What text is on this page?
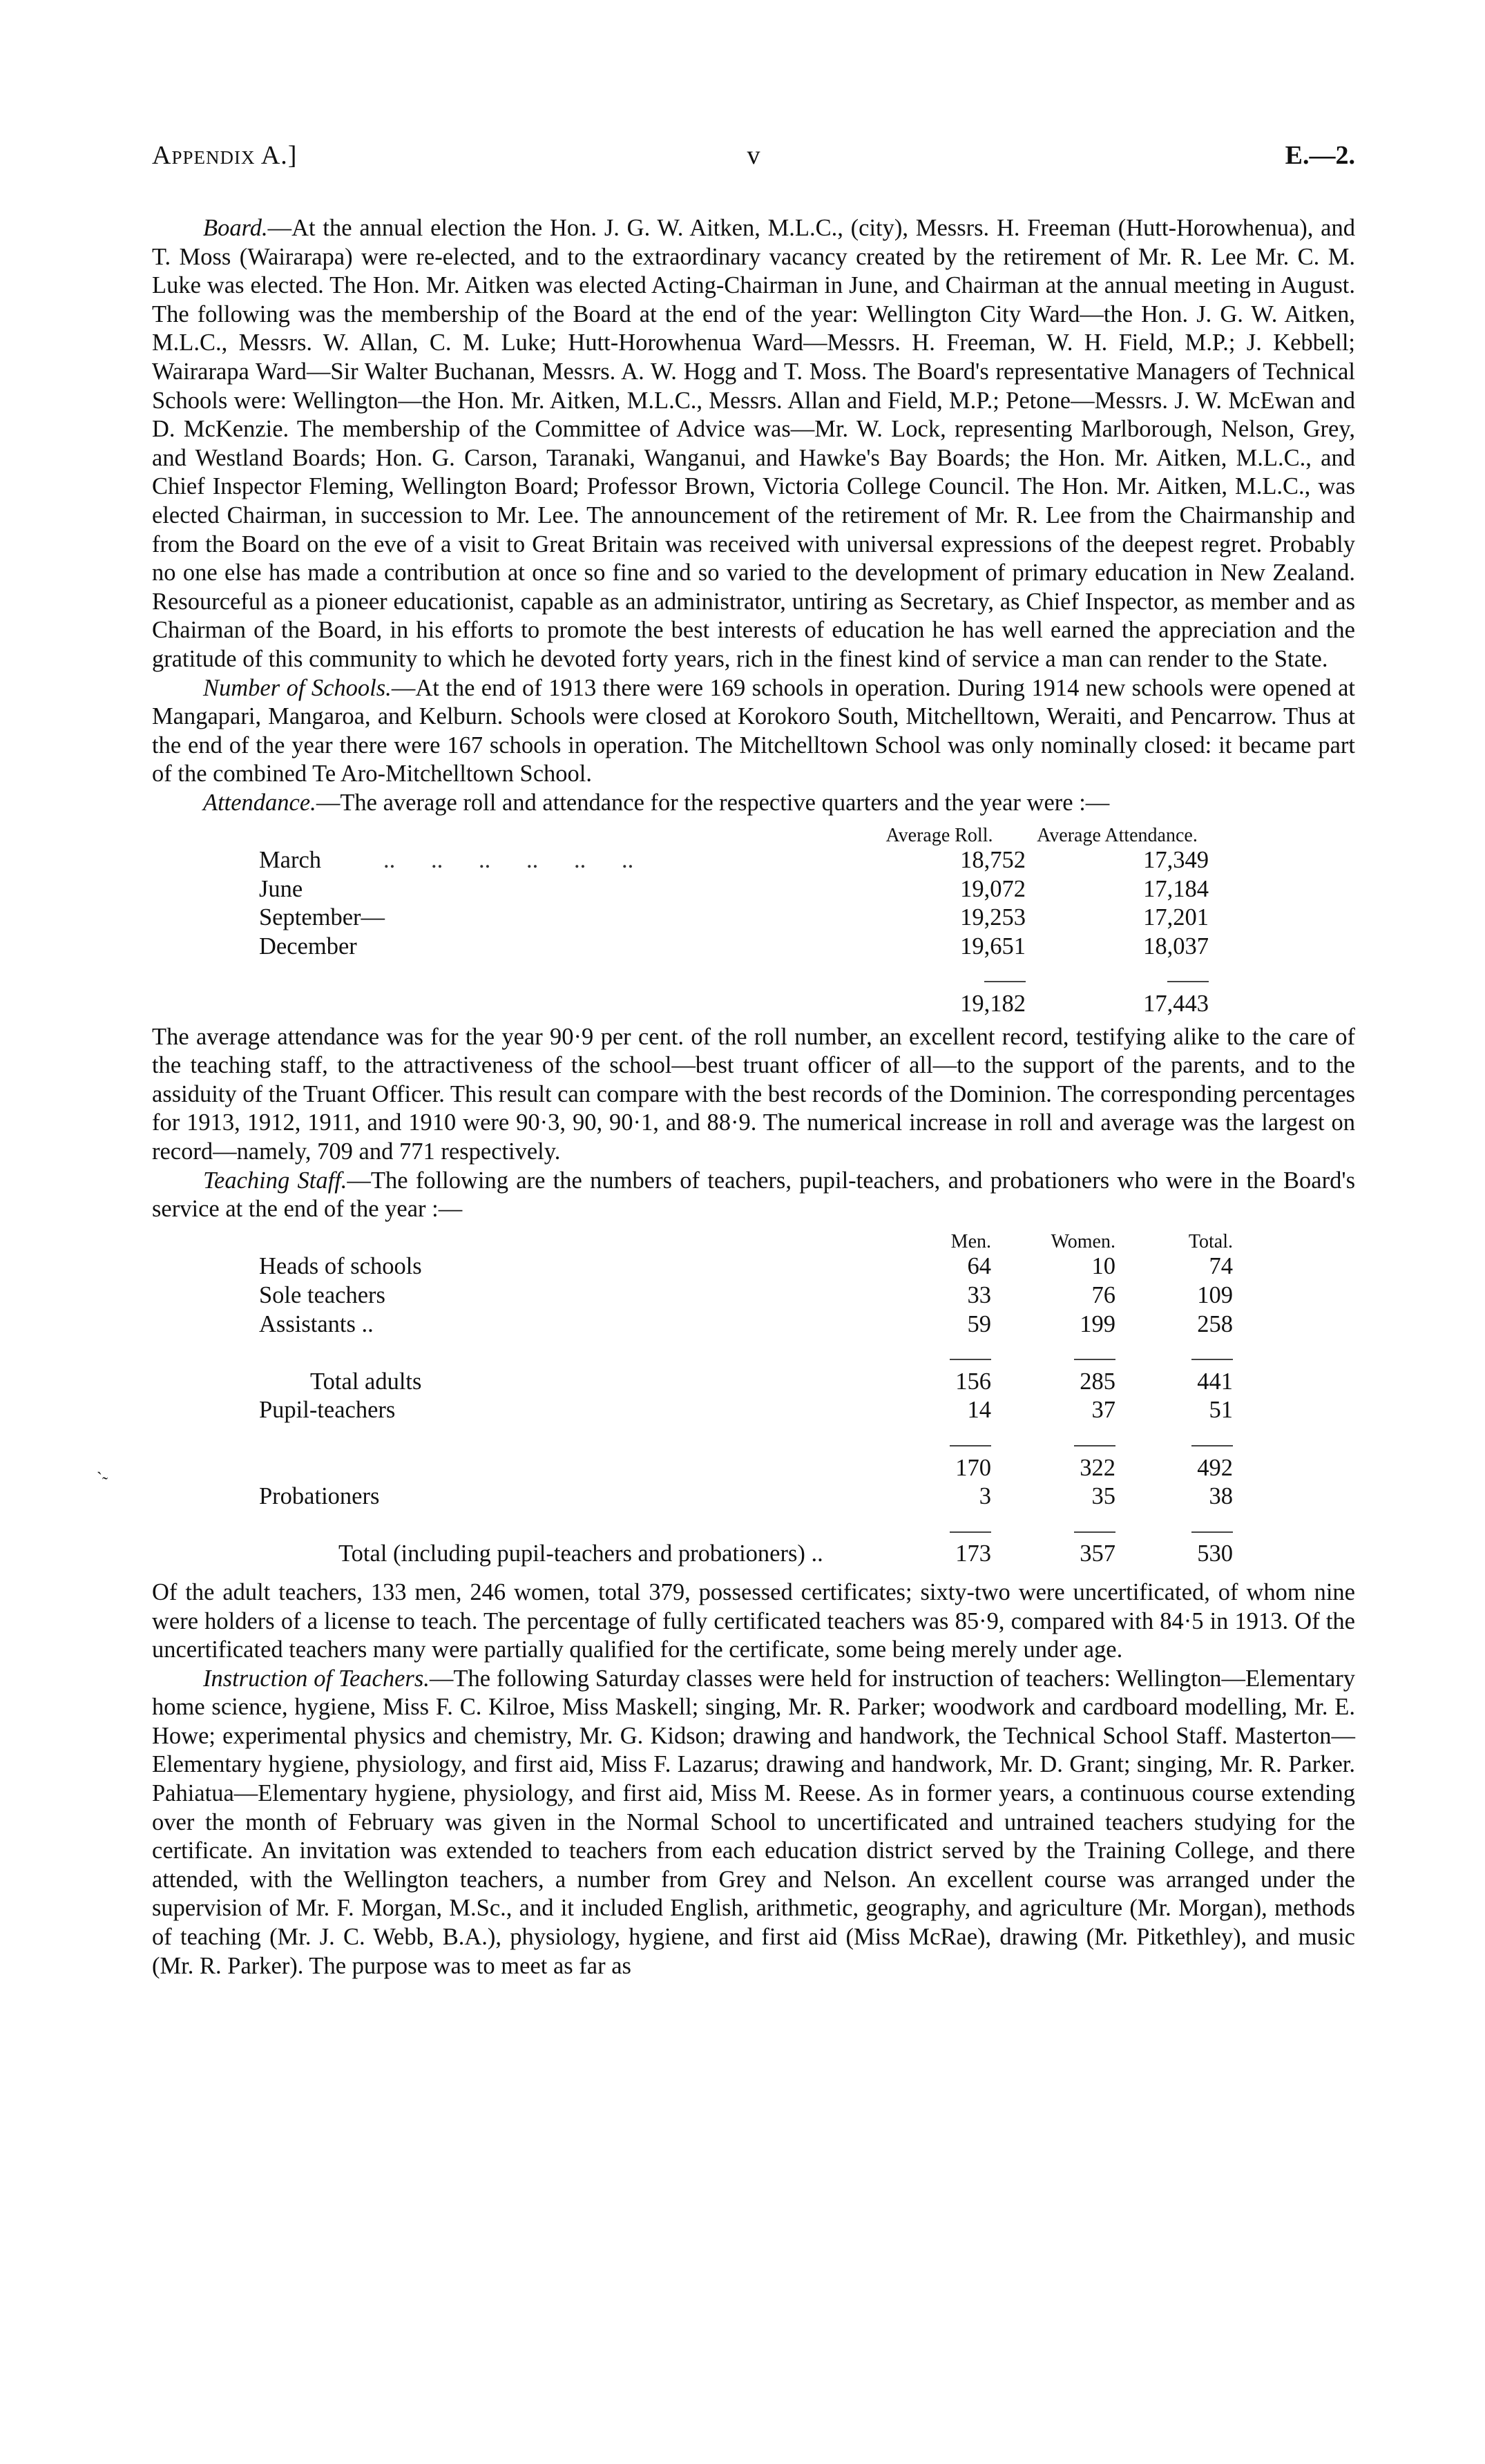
Appendix A.]	v	E.—2.
˴˷

Board.—At the annual election the Hon. J. G. W. Aitken, M.L.C., (city), Messrs. H. Freeman (Hutt-Horowhenua), and T. Moss (Wairarapa) were re-elected, and to the extraordinary vacancy created by the retirement of Mr. R. Lee Mr. C. M. Luke was elected. The Hon. Mr. Aitken was elected Acting-Chairman in June, and Chairman at the annual meeting in August. The following was the membership of the Board at the end of the year: Wellington City Ward—the Hon. J. G. W. Aitken, M.L.C., Messrs. W. Allan, C. M. Luke; Hutt-Horowhenua Ward—Messrs. H. Freeman, W. H. Field, M.P.; J. Kebbell; Wairarapa Ward—Sir Walter Buchanan, Messrs. A. W. Hogg and T. Moss. The Board's representative Managers of Technical Schools were: Wellington—the Hon. Mr. Aitken, M.L.C., Messrs. Allan and Field, M.P.; Petone—Messrs. J. W. McEwan and D. McKenzie. The membership of the Committee of Advice was—Mr. W. Lock, representing Marlborough, Nelson, Grey, and Westland Boards; Hon. G. Carson, Taranaki, Wanganui, and Hawke's Bay Boards; the Hon. Mr. Aitken, M.L.C., and Chief Inspector Fleming, Wellington Board; Professor Brown, Victoria College Council. The Hon. Mr. Aitken, M.L.C., was elected Chairman, in succession to Mr. Lee. The announcement of the retirement of Mr. R. Lee from the Chairmanship and from the Board on the eve of a visit to Great Britain was received with universal expressions of the deepest regret. Probably no one else has made a contribution at once so fine and so varied to the development of primary education in New Zealand. Resourceful as a pioneer educationist, capable as an administrator, untiring as Secretary, as Chief Inspector, as member and as Chairman of the Board, in his efforts to promote the best interests of education he has well earned the appreciation and the gratitude of this community to which he devoted forty years, rich in the finest kind of service a man can render to the State.

Number of Schools.—At the end of 1913 there were 169 schools in operation. During 1914 new schools were opened at Mangapari, Mangaroa, and Kelburn. Schools were closed at Korokoro South, Mitchelltown, Weraiti, and Pencarrow. Thus at the end of the year there were 167 schools in operation. The Mitchelltown School was only nominally closed: it became part of the combined Te Aro-Mitchelltown School.

Attendance.—The average roll and attendance for the respective quarters and the year were :—

	Average Roll.	Average Attendance.
March ..      ..      ..      ..      ..      ..	18,752	17,349
June	19,072	17,184
September—	19,253	17,201
December	19,651	18,037

	19,182	17,443

The average attendance was for the year 90·9 per cent. of the roll number, an excellent record, testifying alike to the care of the teaching staff, to the attractiveness of the school—best truant officer of all—to the support of the parents, and to the assiduity of the Truant Officer. This result can compare with the best records of the Dominion. The corresponding percentages for 1913, 1912, 1911, and 1910 were 90·3, 90, 90·1, and 88·9. The numerical increase in roll and average was the largest on record—namely, 709 and 771 respectively.

Teaching Staff.—The following are the numbers of teachers, pupil-teachers, and probationers who were in the Board's service at the end of the year :—

	Men.	Women.	Total.
Heads of schools	64	10	74
Sole teachers	33	76	109
Assistants ..	59	199	258

Total adults	156	285	441
Pupil-teachers	14	37	51

	170	322	492
Probationers	3	35	38

Total (including pupil-teachers and probationers) ..	173	357	530

Of the adult teachers, 133 men, 246 women, total 379, possessed certificates; sixty-two were uncertificated, of whom nine were holders of a license to teach. The percentage of fully certificated teachers was 85·9, compared with 84·5 in 1913. Of the uncertificated teachers many were partially qualified for the certificate, some being merely under age.

Instruction of Teachers.—The following Saturday classes were held for instruction of teachers: Wellington—Elementary home science, hygiene, Miss F. C. Kilroe, Miss Maskell; singing, Mr. R. Parker; woodwork and cardboard modelling, Mr. E. Howe; experimental physics and chemistry, Mr. G. Kidson; drawing and handwork, the Technical School Staff. Masterton—Elementary hygiene, physiology, and first aid, Miss F. Lazarus; drawing and handwork, Mr. D. Grant; singing, Mr. R. Parker. Pahiatua—Elementary hygiene, physiology, and first aid, Miss M. Reese. As in former years, a continuous course extending over the month of February was given in the Normal School to uncertificated and untrained teachers studying for the certificate. An invitation was extended to teachers from each education district served by the Training College, and there attended, with the Wellington teachers, a number from Grey and Nelson. An excellent course was arranged under the supervision of Mr. F. Morgan, M.Sc., and it included English, arithmetic, geography, and agriculture (Mr. Morgan), methods of teaching (Mr. J. C. Webb, B.A.), physiology, hygiene, and first aid (Miss McRae), drawing (Mr. Pitkethley), and music (Mr. R. Parker). The purpose was to meet as far as
